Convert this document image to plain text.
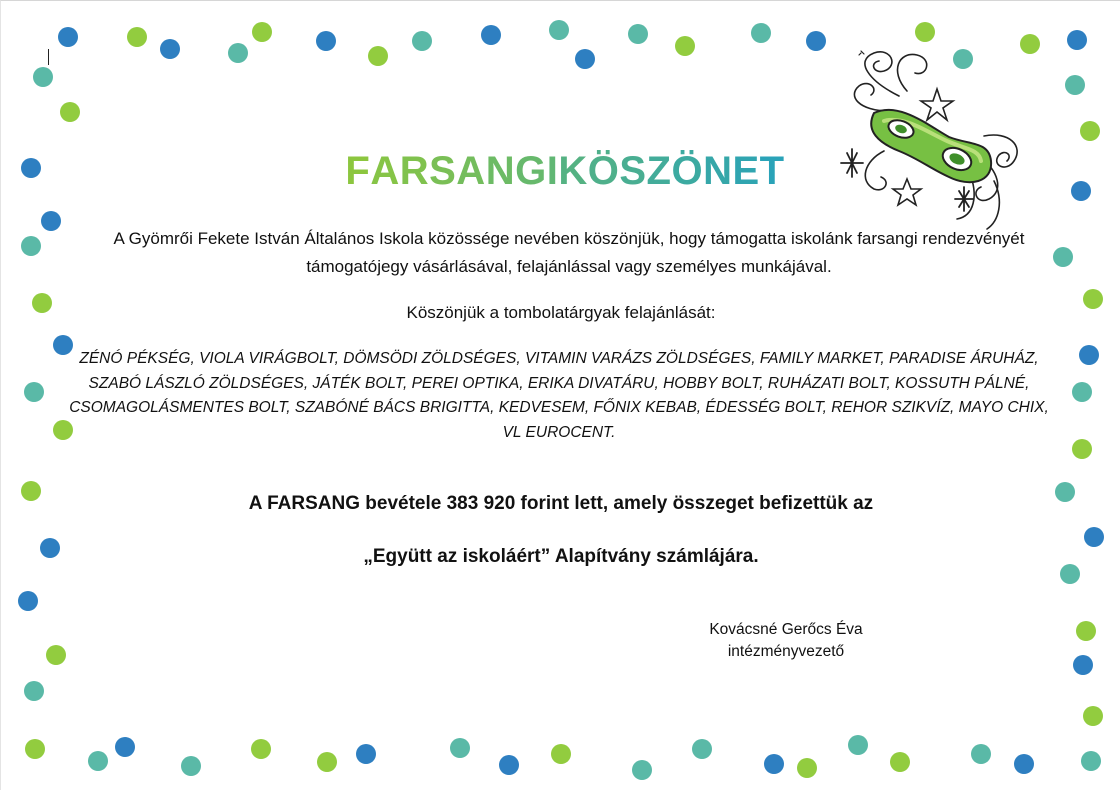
FARSANGIKÖSZÖNET
A Gyömrői Fekete István Általános Iskola közössége nevében köszönjük, hogy támogatta iskolánk farsangi rendezvényét támogatójegy vásárlásával, felajánlással vagy személyes munkájával.
Köszönjük a tombolatárgyak felajánlását:
ZÉNÓ PÉKSÉG, VIOLA VIRÁGBOLT, DÖMSÖDI ZÖLDSÉGES, VITAMIN VARÁZS ZÖLDSÉGES, FAMILY MARKET, PARADISE ÁRUHÁZ, SZABÓ LÁSZLÓ ZÖLDSÉGES, JÁTÉK BOLT, PEREI OPTIKA, ERIKA DIVATÁRU, HOBBY BOLT, RUHÁZATI BOLT, KOSSUTH PÁLNÉ, CSOMAGOLÁSMENTES BOLT, SZABÓNÉ BÁCS BRIGITTA, KEDVESEM, FŐNIX KEBAB, ÉDESSÉG BOLT, REHOR SZIKVÍZ, MAYO CHIX, VL EUROCENT.
A FARSANG bevétele 383 920 forint lett, amely összeget befizettük az
„Együtt az iskoláért” Alapítvány számlájára.
Kovácsné Gerőcs Éva
intézményvezető
